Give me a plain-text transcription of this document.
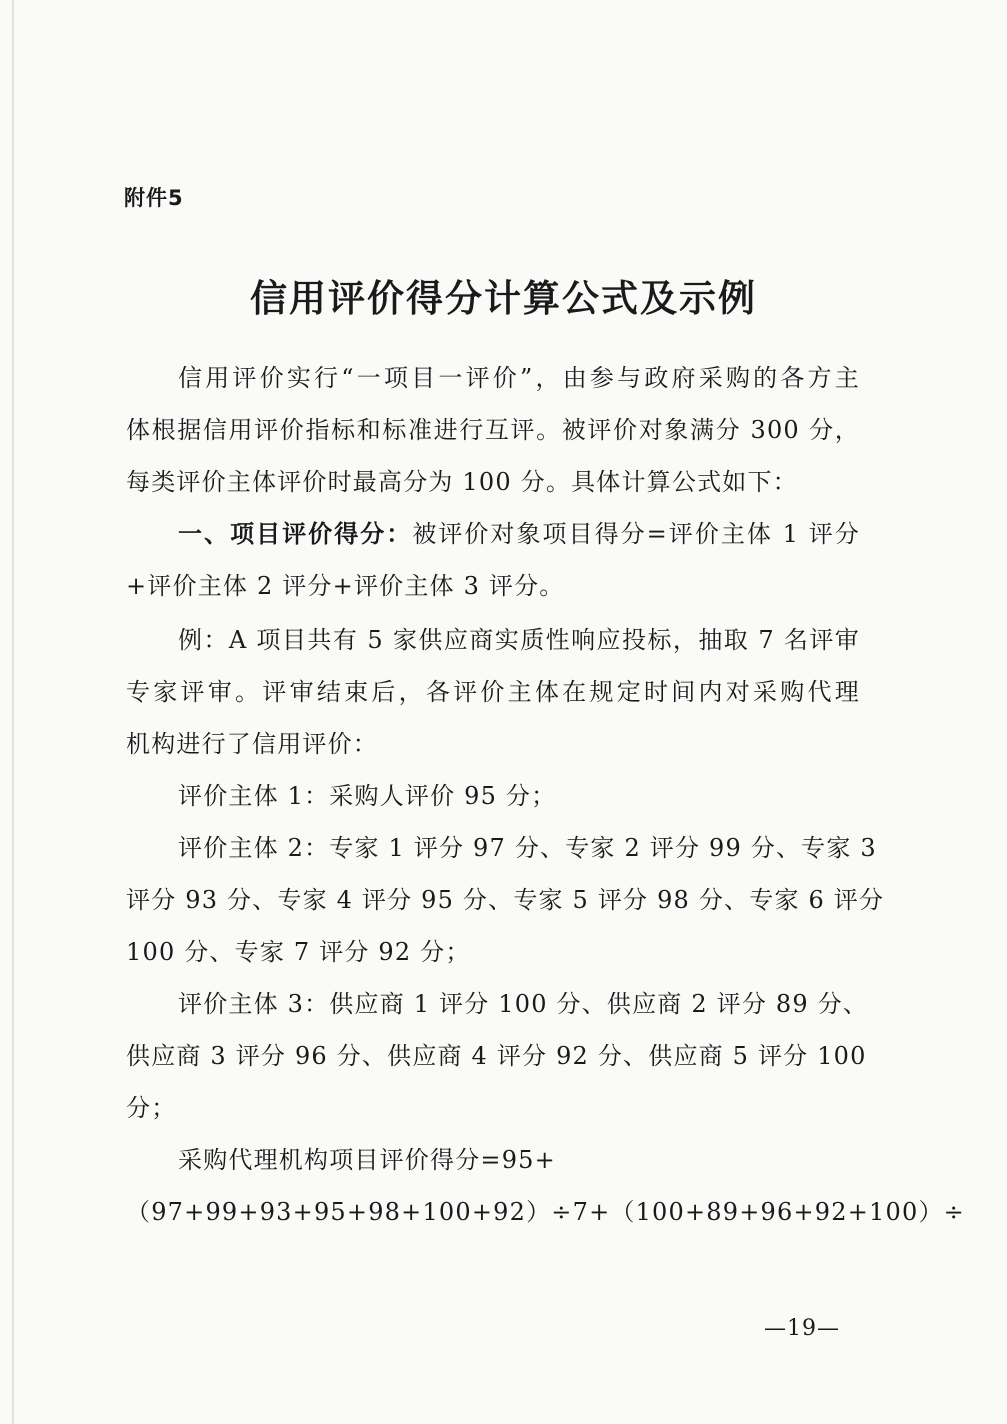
附件5
信用评价得分计算公式及示例
信用评价实行“一项目一评价”，由参与政府采购的各方主
体根据信用评价指标和标准进行互评。被评价对象满分 300 分，
每类评价主体评价时最高分为 100 分。具体计算公式如下：
一、项目评价得分：被评价对象项目得分=评价主体 1 评分
+评价主体 2 评分+评价主体 3 评分。
例：A 项目共有 5 家供应商实质性响应投标，抽取 7 名评审
专家评审。评审结束后，各评价主体在规定时间内对采购代理
机构进行了信用评价：
评价主体 1：采购人评价 95 分；
评价主体 2：专家 1 评分 97 分、专家 2 评分 99 分、专家 3
评分 93 分、专家 4 评分 95 分、专家 5 评分 98 分、专家 6 评分
100 分、专家 7 评分 92 分；
评价主体 3：供应商 1 评分 100 分、供应商 2 评分 89 分、
供应商 3 评分 96 分、供应商 4 评分 92 分、供应商 5 评分 100
分；
采购代理机构项目评价得分=95+
（97+99+93+95+98+100+92）÷7+（100+89+96+92+100）÷
—19—
